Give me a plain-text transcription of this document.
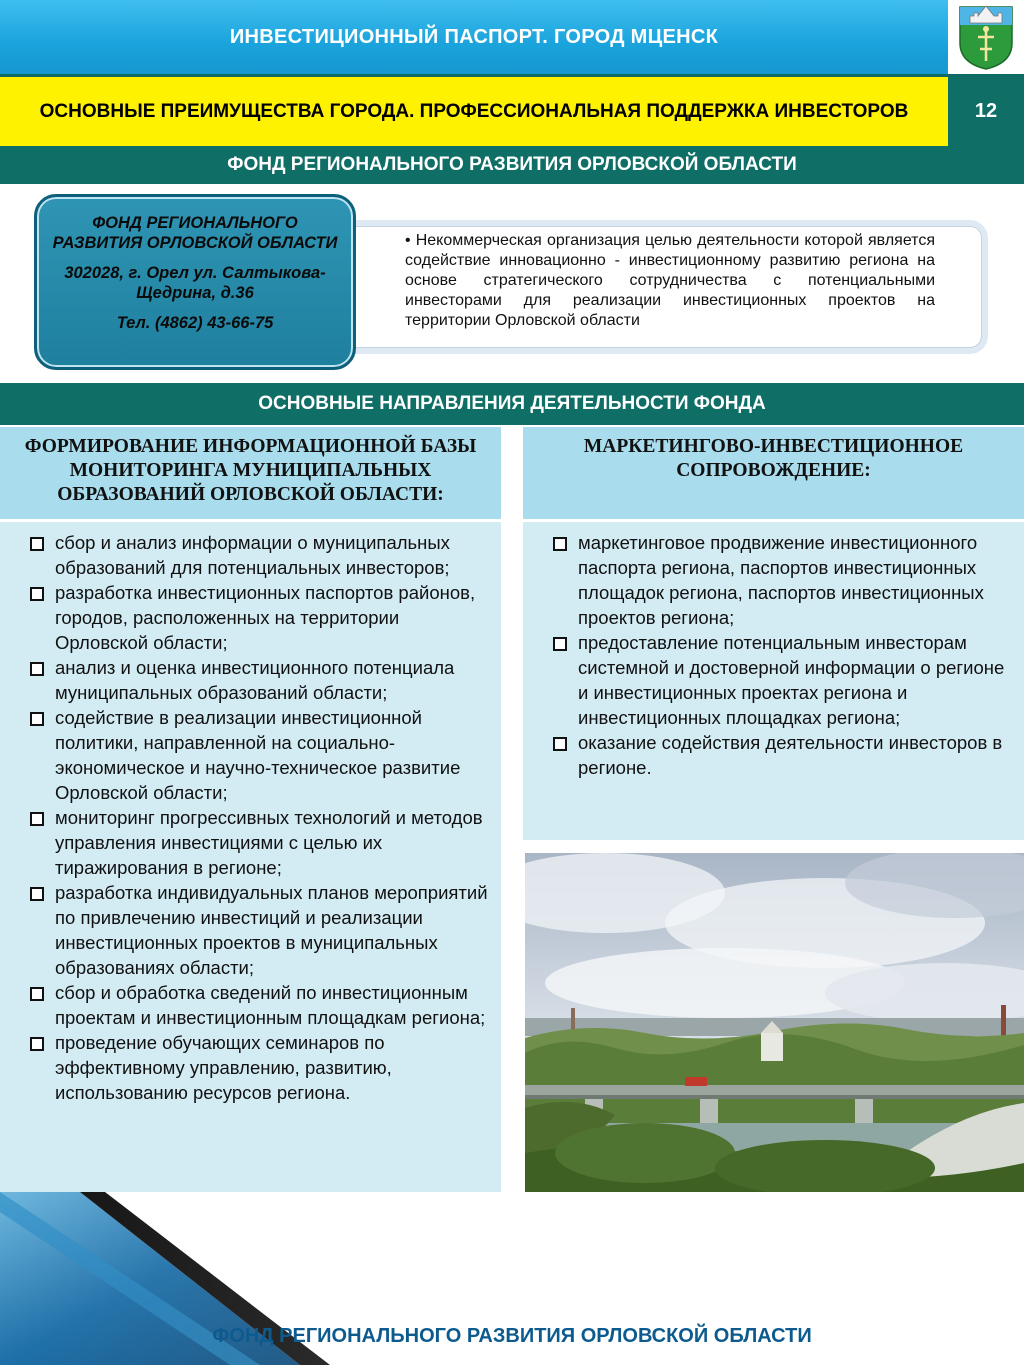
ИНВЕСТИЦИОННЫЙ ПАСПОРТ. ГОРОД МЦЕНСК
ОСНОВНЫЕ ПРЕИМУЩЕСТВА ГОРОДА. ПРОФЕССИОНАЛЬНАЯ ПОДДЕРЖКА ИНВЕСТОРОВ	12
ФОНД РЕГИОНАЛЬНОГО РАЗВИТИЯ ОРЛОВСКОЙ ОБЛАСТИ
• Некоммерческая организация целью деятельности которой является содействие инновационно - инвестиционному развитию региона на основе стратегического сотрудничества с потенциальными инвесторами для реализации инвестиционных проектов на территории Орловской области

ФОНД РЕГИОНАЛЬНОГО РАЗВИТИЯ ОРЛОВСКОЙ ОБЛАСТИ

302028, г. Орел ул. Салтыкова-Щедрина, д.36

Тел. (4862) 43-66-75

ОСНОВНЫЕ НАПРАВЛЕНИЯ ДЕЯТЕЛЬНОСТИ ФОНДА
ФОРМИРОВАНИЕ ИНФОРМАЦИОННОЙ БАЗЫ МОНИТОРИНГА МУНИЦИПАЛЬНЫХ ОБРАЗОВАНИЙ ОРЛОВСКОЙ ОБЛАСТИ:
МАРКЕТИНГОВО-ИНВЕСТИЦИОННОЕ СОПРОВОЖДЕНИЕ:
сбор и анализ информации о муниципальных образований для потенциальных инвесторов;
разработка инвестиционных паспортов районов, городов, расположенных на территории Орловской области;
анализ и оценка инвестиционного потенциала муниципальных образований области;
содействие в реализации инвестиционной политики, направленной на социально-экономическое и научно-техническое развитие Орловской области;
мониторинг прогрессивных технологий и методов управления инвестициями с целью их тиражирования в регионе;
разработка индивидуальных планов мероприятий по привлечению инвестиций и реализации инвестиционных проектов в муниципальных образованиях области;
сбор и обработка сведений по инвестиционным проектам и инвестиционным площадкам региона;
проведение обучающих семинаров по эффективному управлению, развитию, использованию ресурсов региона.
маркетинговое продвижение инвестиционного паспорта региона, паспортов инвестиционных площадок региона, паспортов инвестиционных проектов региона;
предоставление потенциальным инвесторам системной и достоверной информации о регионе и инвестиционных проектах региона и инвестиционных площадках региона;
оказание содействия деятельности инвесторов в регионе.
ФОНД РЕГИОНАЛЬНОГО РАЗВИТИЯ ОРЛОВСКОЙ ОБЛАСТИ
